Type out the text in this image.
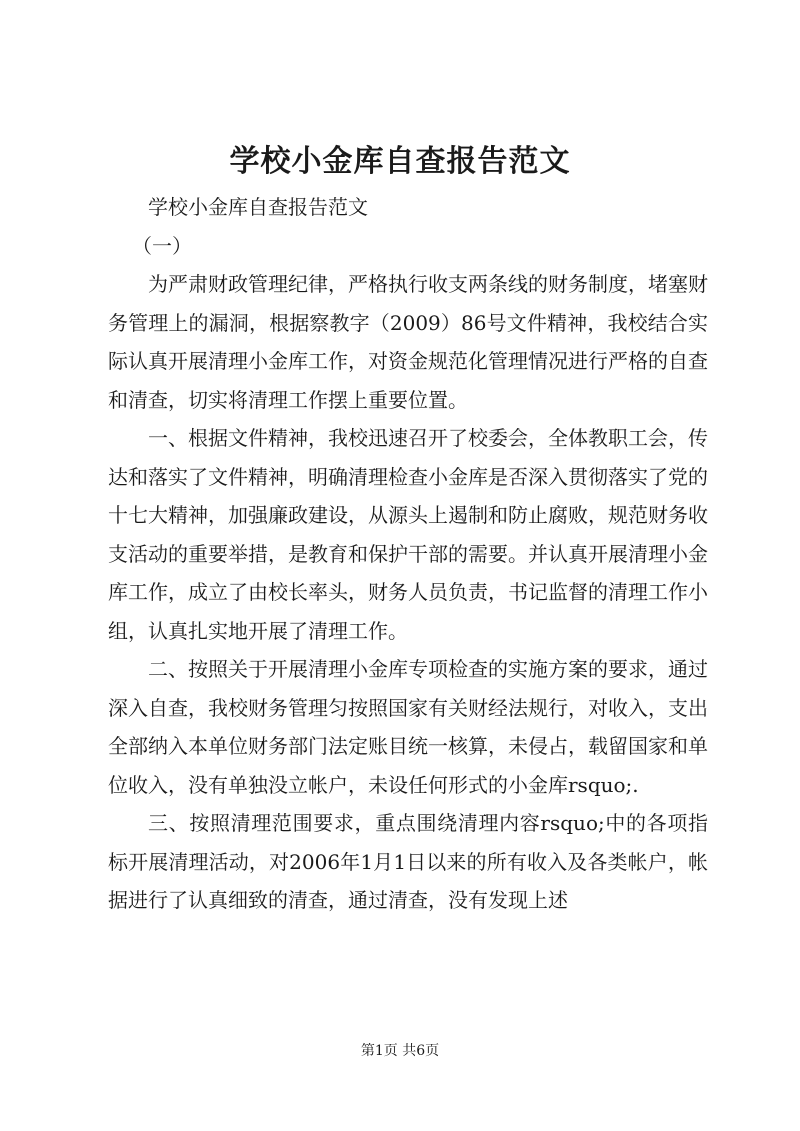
学校小金库自查报告范文

学校小金库自查报告范文

（一）

为严肃财政管理纪律，严格执行收支两条线的财务制度，堵塞财务管理上的漏洞，根据察教字（2009）86号文件精神，我校结合实际认真开展清理小金库工作，对资金规范化管理情况进行严格的自查和清查，切实将清理工作摆上重要位置。

一、根据文件精神，我校迅速召开了校委会，全体教职工会，传达和落实了文件精神，明确清理检查小金库是否深入贯彻落实了党的十七大精神，加强廉政建设，从源头上遏制和防止腐败，规范财务收支活动的重要举措，是教育和保护干部的需要。并认真开展清理小金库工作，成立了由校长率头，财务人员负责，书记监督的清理工作小组，认真扎实地开展了清理工作。

二、按照关于开展清理小金库专项检查的实施方案的要求，通过深入自查，我校财务管理匀按照国家有关财经法规行，对收入，支出全部纳入本单位财务部门法定账目统一核算，未侵占，载留国家和单位收入，没有单独没立帐户，未设任何形式的小金库rsquo;.

三、按照清理范围要求，重点围绕清理内容rsquo;中的各项指标开展清理活动，对2006年1月1日以来的所有收入及各类帐户，帐据进行了认真细致的清查，通过清查，没有发现上述

第1页 共6页
